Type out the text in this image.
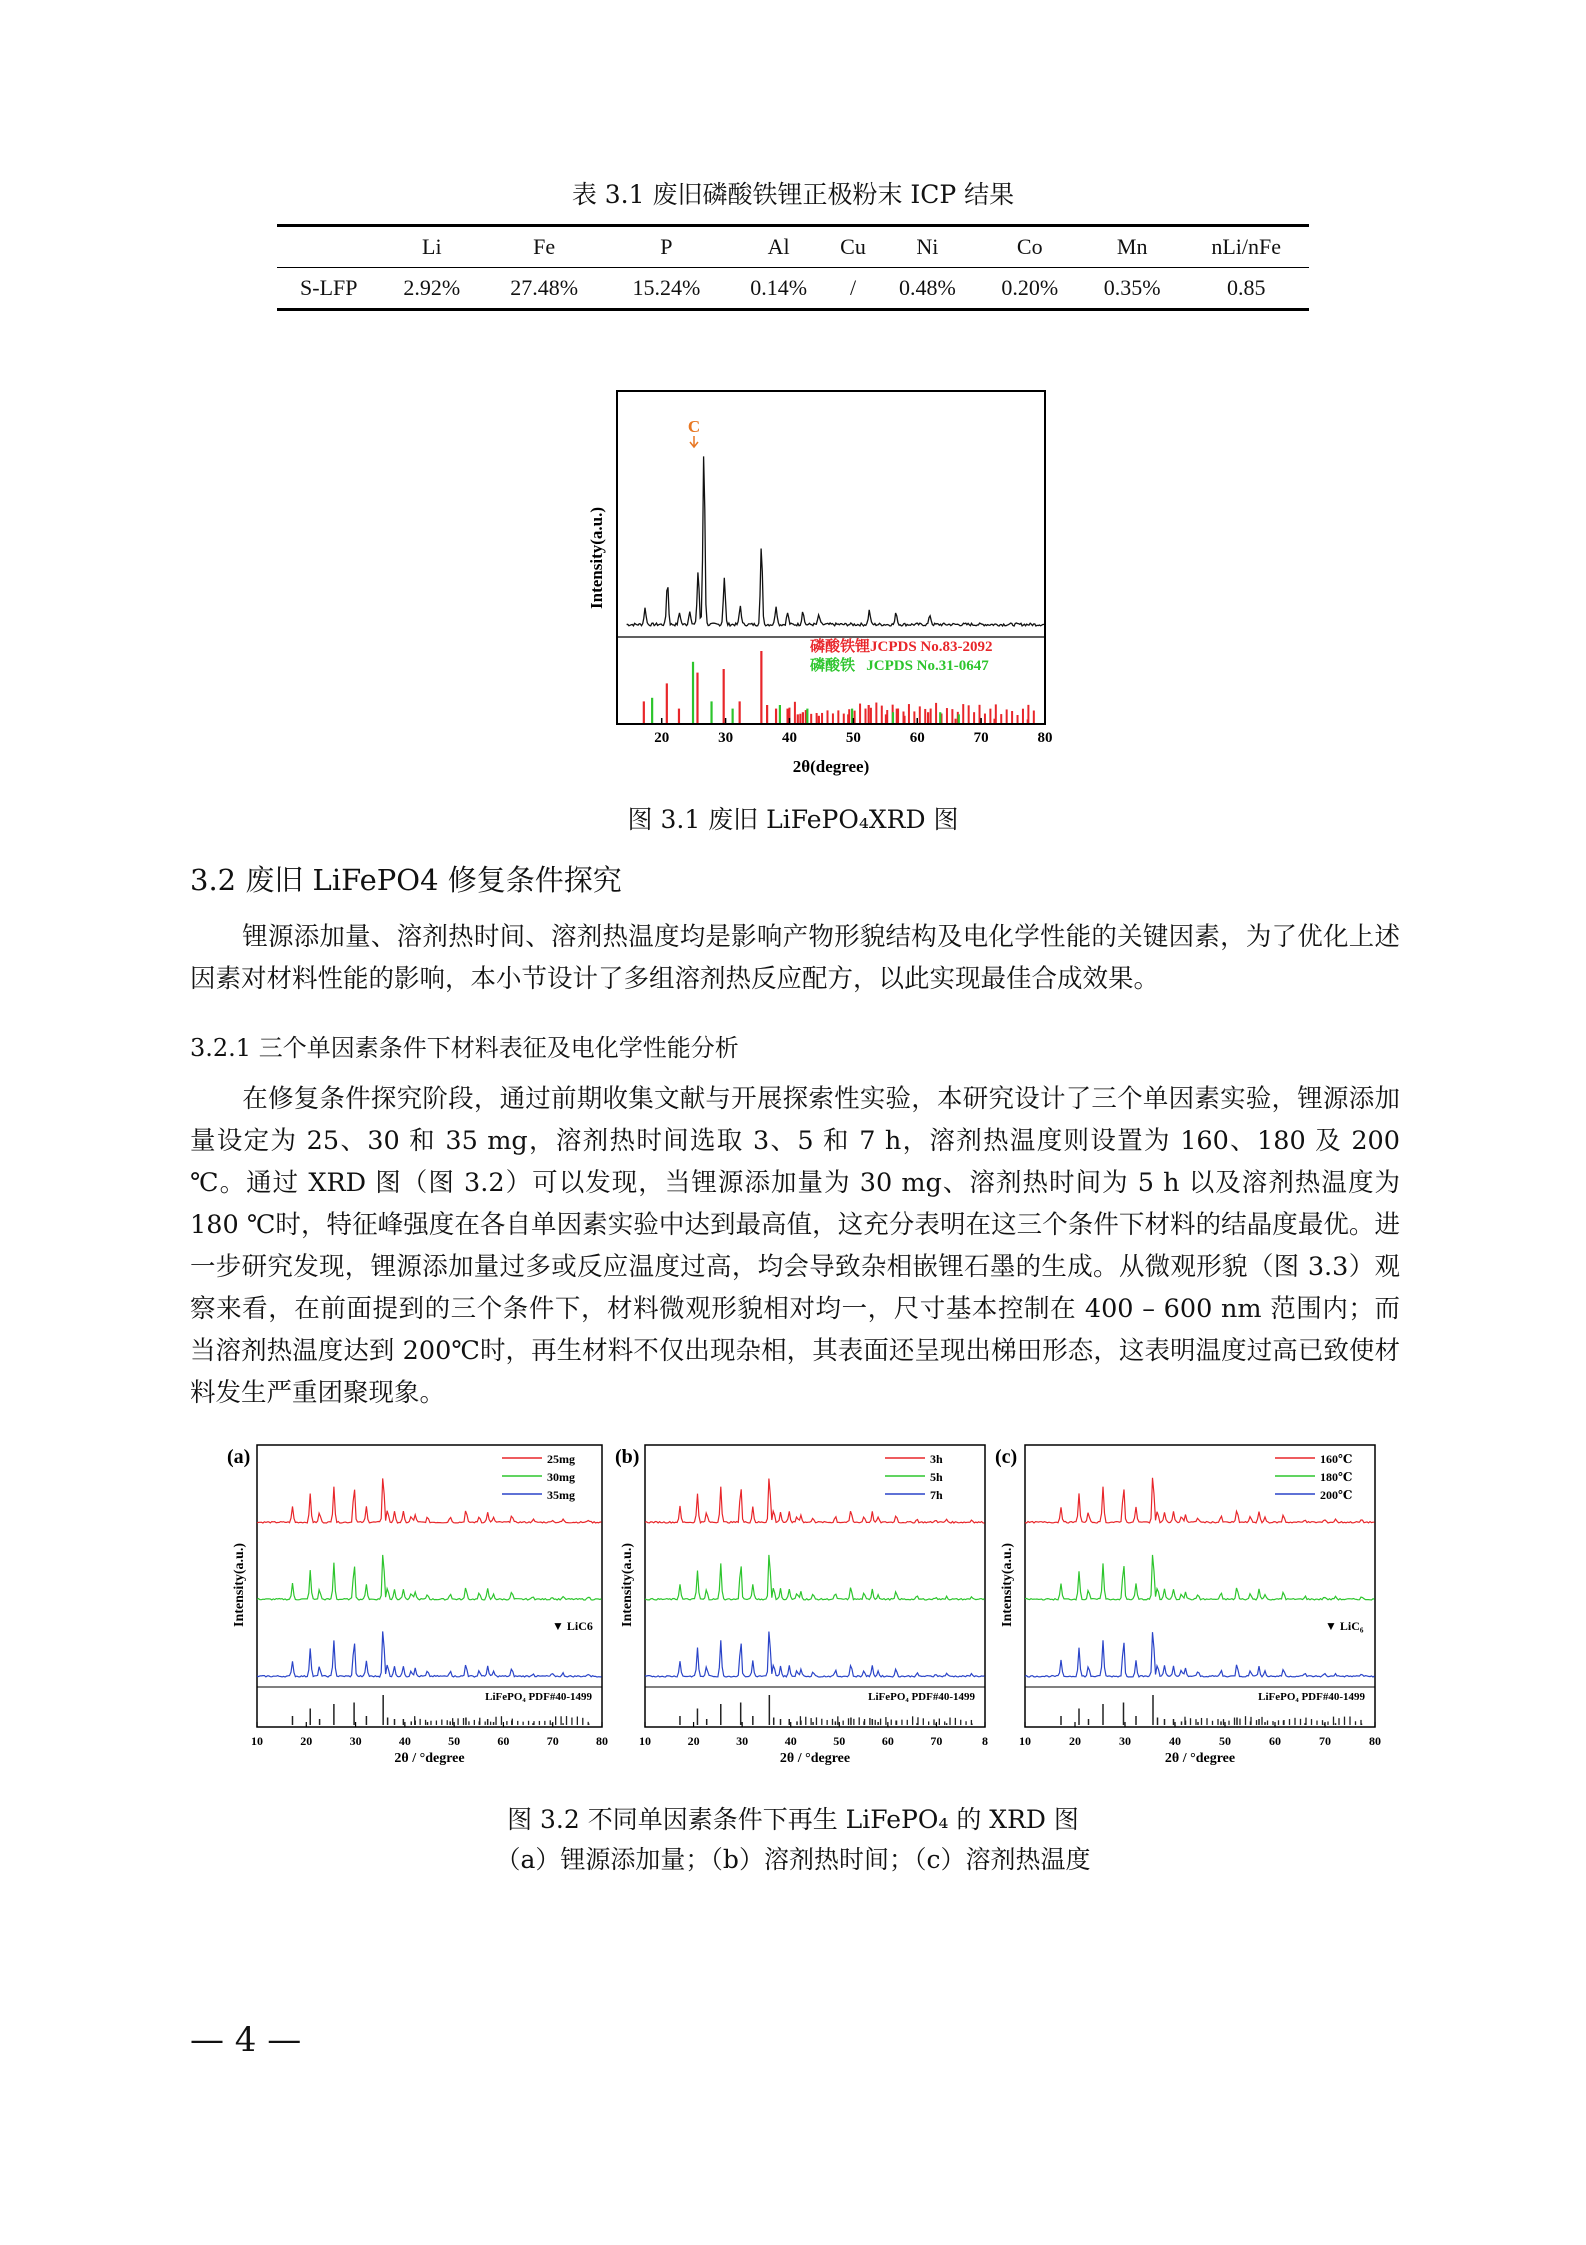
表 3.1 废旧磷酸铁锂正极粉末 ICP 结果
	Li	Fe	P	Al	Cu	Ni	Co	Mn	nLi/nFe
S-LFP	2.92%	27.48%	15.24%	0.14%	/	0.48%	0.20%	0.35%	0.85
C
磷酸铁锂JCPDS No.83-2092
磷酸铁   JCPDS No.31-0647
20	30	40	50	60	70	80
2θ(degree)
Intensity(a.u.)
图 3.1 废旧 LiFePO₄XRD 图
3.2 废旧 LiFePO4 修复条件探究

锂源添加量、溶剂热时间、溶剂热温度均是影响产物形貌结构及电化学性能的关键因素，为了优化上述因素对材料性能的影响，本小节设计了多组溶剂热反应配方，以此实现最佳合成效果。

3.2.1 三个单因素条件下材料表征及电化学性能分析

在修复条件探究阶段，通过前期收集文献与开展探索性实验，本研究设计了三个单因素实验，锂源添加量设定为 25、30 和 35 mg，溶剂热时间选取 3、5 和 7 h，溶剂热温度则设置为 160、180 及 200 ℃。通过 XRD 图（图 3.2）可以发现，当锂源添加量为 30 mg、溶剂热时间为 5 h 以及溶剂热温度为 180 ℃时，特征峰强度在各自单因素实验中达到最高值，这充分表明在这三个条件下材料的结晶度最优。进一步研究发现，锂源添加量过多或反应温度过高，均会导致杂相嵌锂石墨的生成。从微观形貌（图 3.3）观察来看，在前面提到的三个条件下，材料微观形貌相对均一，尺寸基本控制在 400 – 600 nm 范围内；而当溶剂热温度达到 200℃时，再生材料不仅出现杂相，其表面还呈现出梯田形态，这表明温度过高已致使材料发生严重团聚现象。

(a)	25mg
30mg
35mg
▼ LiC6
LiFePO₄ PDF#40-1499
10	20	30	40	50	60	70	80
2θ / °degree
Intensity(a.u.)
(b)	3h
5h
7h
LiFePO₄ PDF#40-1499
10	20	30	40	50	60	70	8
2θ / °degree
Intensity(a.u.)
(c)	160℃
180℃
200℃
▼ LiC₆
LiFePO₄ PDF#40-1499
10	20	30	40	50	60	70	80
2θ / °degree
Intensity(a.u.)
图 3.2 不同单因素条件下再生 LiFePO₄ 的 XRD 图
（a）锂源添加量；（b）溶剂热时间；（c）溶剂热温度
— 4 —
